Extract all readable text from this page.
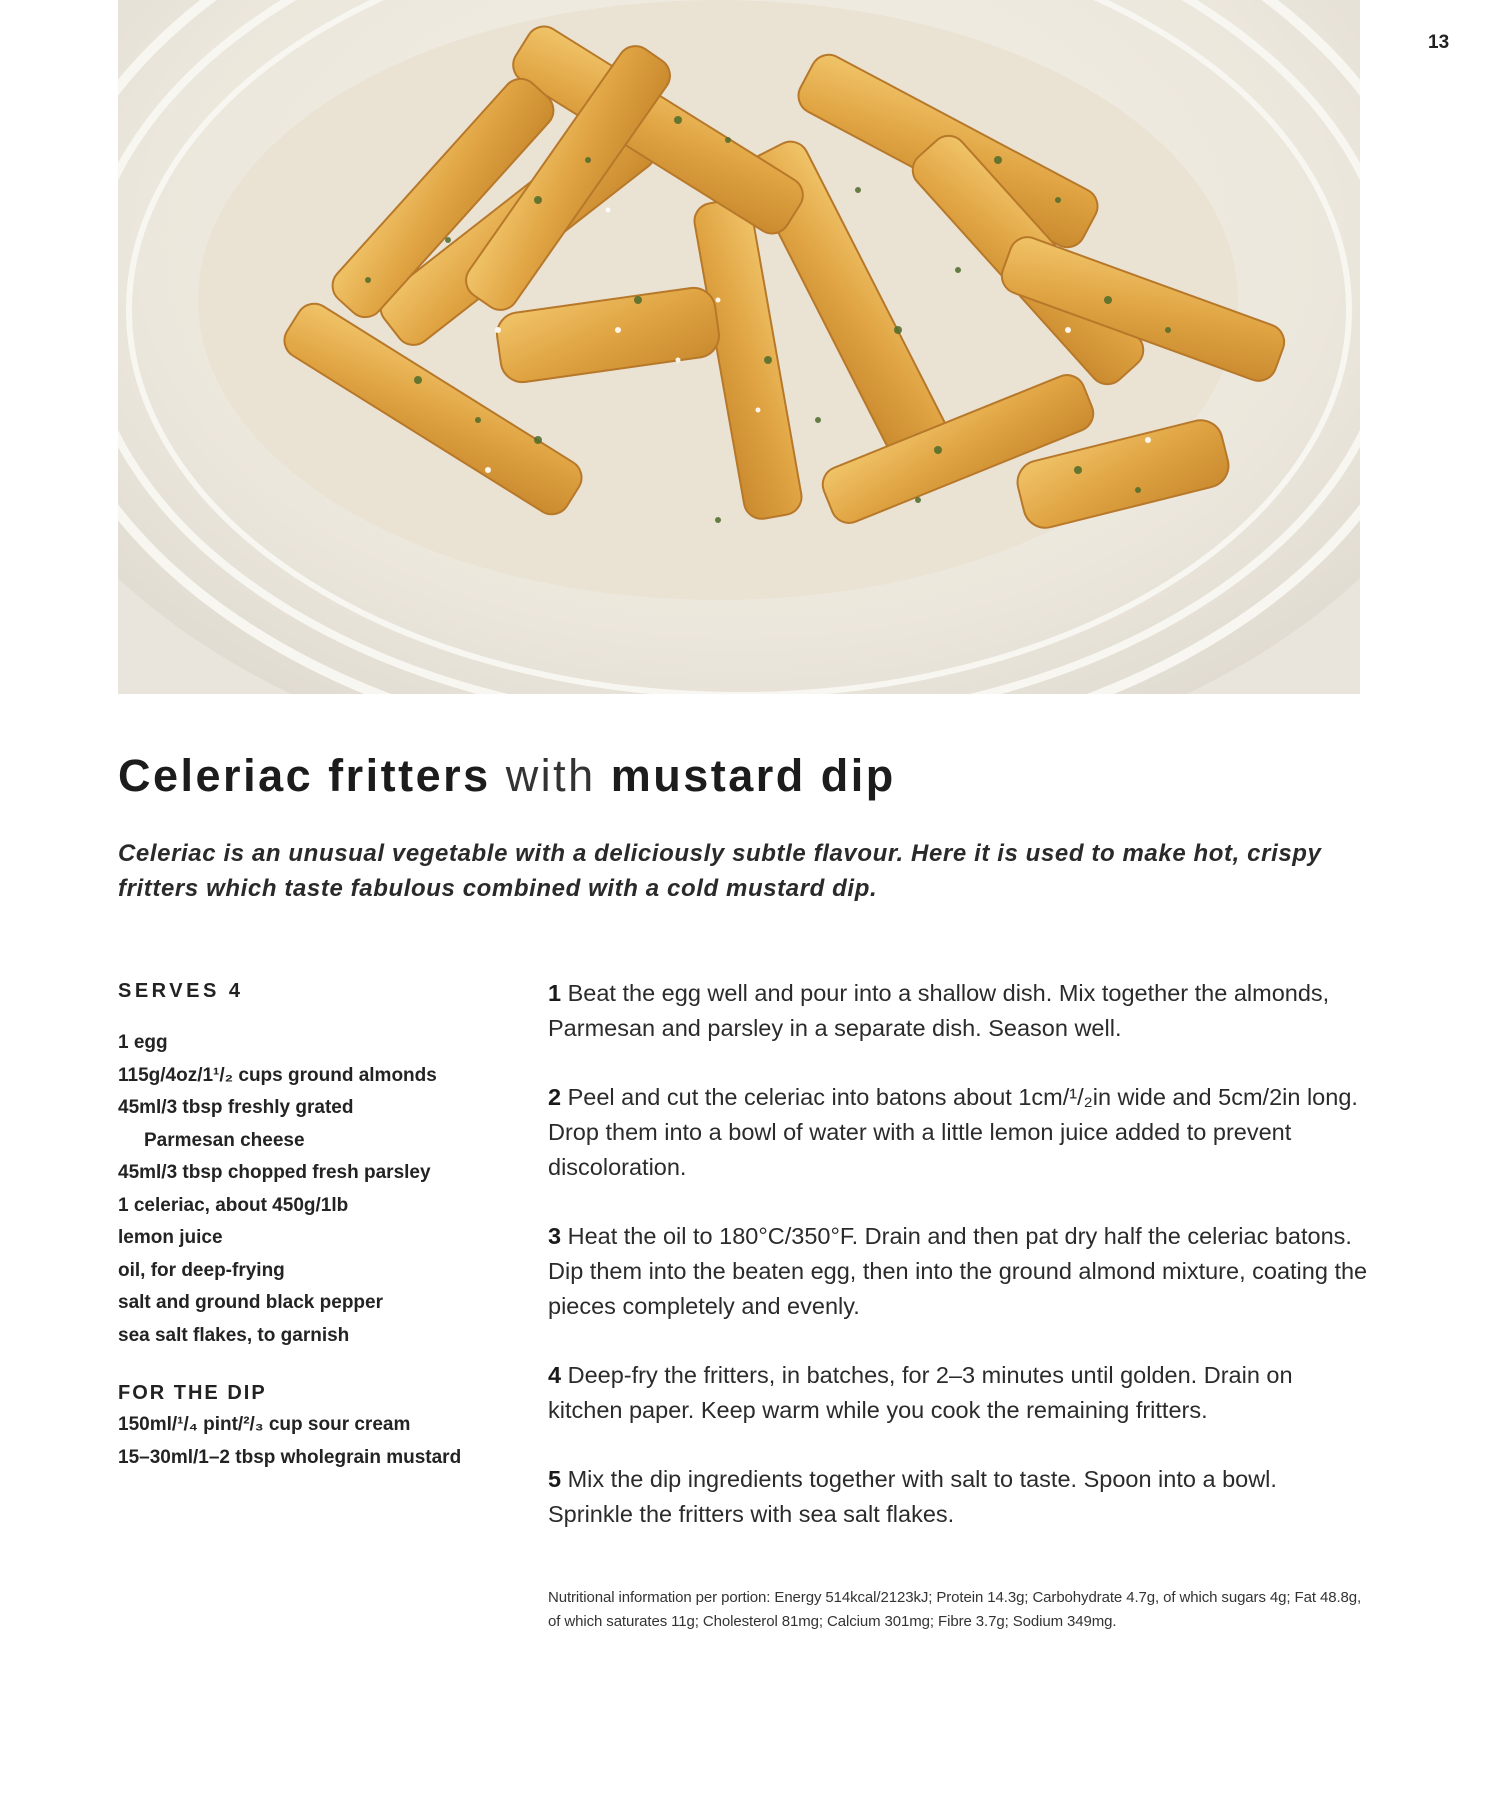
13
Celeriac fritters with mustard dip
Celeriac is an unusual vegetable with a deliciously subtle flavour. Here it is used to make hot, crispy fritters which taste fabulous combined with a cold mustard dip.
SERVES 4
1 egg
115g/4oz/1¹/₂ cups ground almonds
45ml/3 tbsp freshly grated
Parmesan cheese
45ml/3 tbsp chopped fresh parsley
1 celeriac, about 450g/1lb
lemon juice
oil, for deep-frying
salt and ground black pepper
sea salt flakes, to garnish
FOR THE DIP
150ml/¹/₄ pint/²/₃ cup sour cream
15–30ml/1–2 tbsp wholegrain mustard

1 Beat the egg well and pour into a shallow dish. Mix together the almonds, Parmesan and parsley in a separate dish. Season well.

2 Peel and cut the celeriac into batons about 1cm/¹/₂in wide and 5cm/2in long. Drop them into a bowl of water with a little lemon juice added to prevent discoloration.

3 Heat the oil to 180°C/350°F. Drain and then pat dry half the celeriac batons. Dip them into the beaten egg, then into the ground almond mixture, coating the pieces completely and evenly.

4 Deep-fry the fritters, in batches, for 2–3 minutes until golden. Drain on kitchen paper. Keep warm while you cook the remaining fritters.

5 Mix the dip ingredients together with salt to taste. Spoon into a bowl. Sprinkle the fritters with sea salt flakes.

Nutritional information per portion: Energy 514kcal/2123kJ; Protein 14.3g; Carbohydrate 4.7g, of which sugars 4g; Fat 48.8g, of which saturates 11g; Cholesterol 81mg; Calcium 301mg; Fibre 3.7g; Sodium 349mg.
